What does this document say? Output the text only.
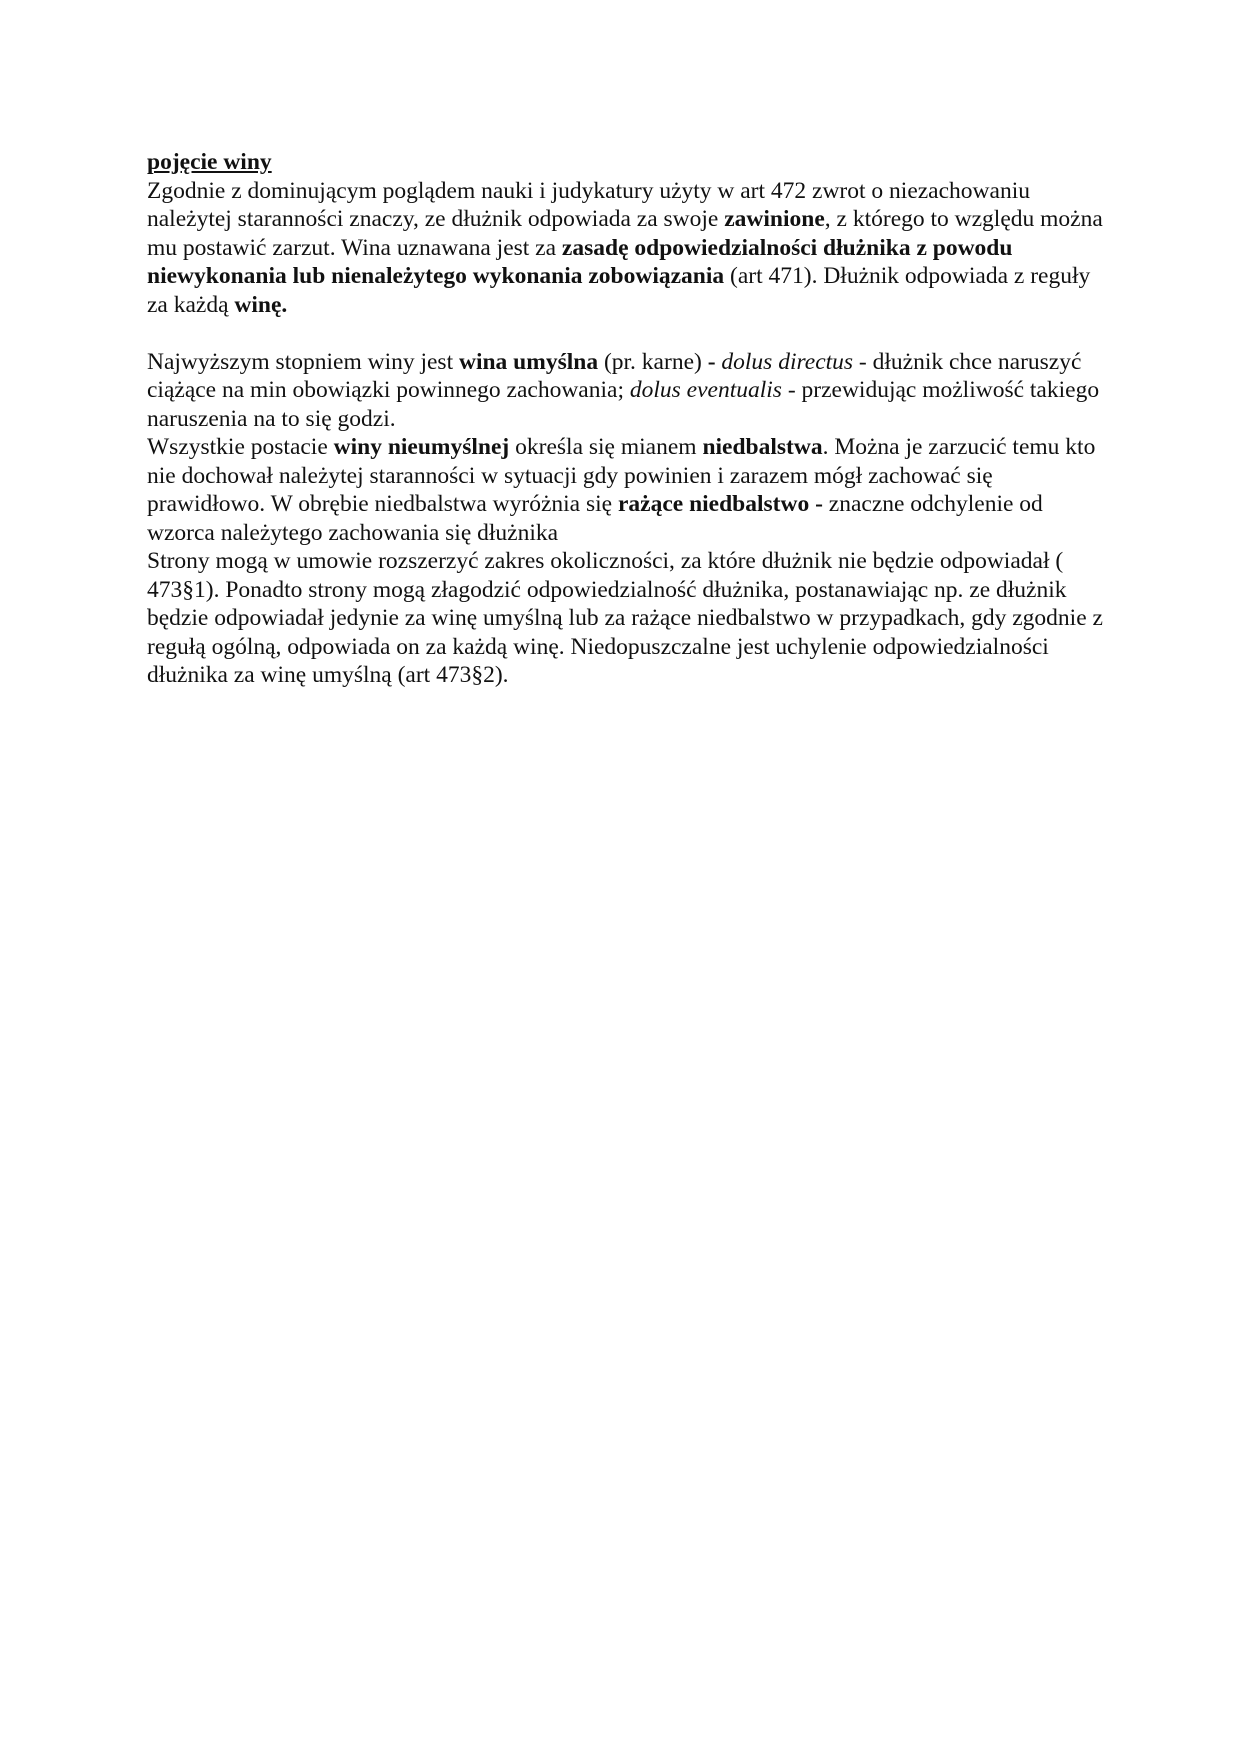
pojęcie winy

Zgodnie z dominującym poglądem nauki i judykatury użyty w art 472 zwrot o niezachowaniu należytej staranności znaczy, ze dłużnik odpowiada za swoje zawinione, z którego to względu można mu postawić zarzut. Wina uznawana jest za zasadę odpowiedzialności dłużnika z powodu niewykonania lub nienależytego wykonania zobowiązania (art 471). Dłużnik odpowiada z reguły za każdą winę.

Najwyższym stopniem winy jest wina umyślna (pr. karne) - dolus directus - dłużnik chce naruszyć ciążące na min obowiązki powinnego zachowania; dolus eventualis - przewidując możliwość takiego naruszenia na to się godzi.

Wszystkie postacie winy nieumyślnej określa się mianem niedbalstwa. Można je zarzucić temu kto nie dochował należytej staranności w sytuacji gdy powinien i zarazem mógł zachować się prawidłowo. W obrębie niedbalstwa wyróżnia się rażące niedbalstwo - znaczne odchylenie od wzorca należytego zachowania się dłużnika

Strony mogą w umowie rozszerzyć zakres okoliczności, za które dłużnik nie będzie odpowiadał ( 473§1). Ponadto strony mogą złagodzić odpowiedzialność dłużnika, postanawiając np. ze dłużnik będzie odpowiadał jedynie za winę umyślną lub za rażące niedbalstwo w przypadkach, gdy zgodnie z regułą ogólną, odpowiada on za każdą winę. Niedopuszczalne jest uchylenie odpowiedzialności dłużnika za winę umyślną (art 473§2).
